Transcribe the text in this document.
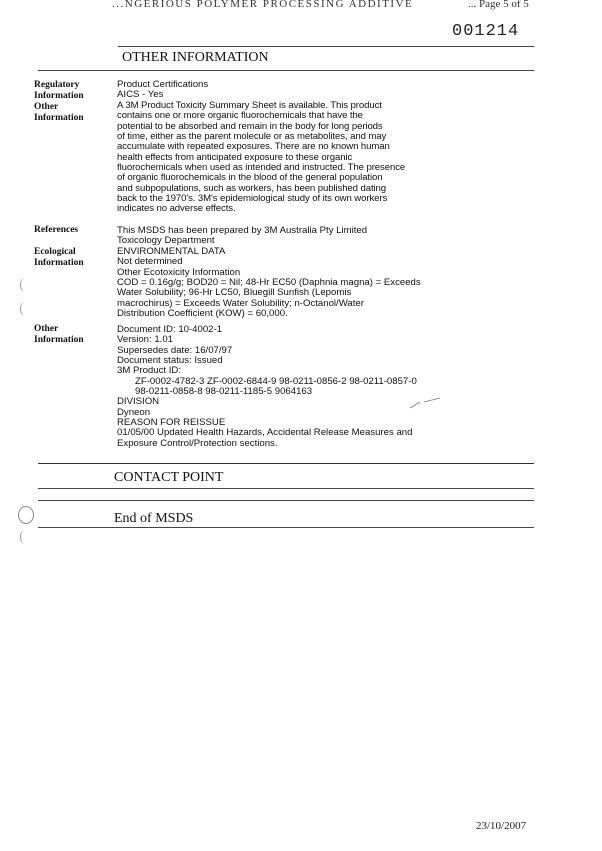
...NGERIOUS POLYMER PROCESSING ADDITIVE	... Page 5 of 5
001214
OTHER INFORMATION
Regulatory
Information
Other
Information
References
Ecological
Information
Other
Information
Product Certifications
AICS - Yes
A 3M Product Toxicity Summary Sheet is available. This product
contains one or more organic fluorochemicals that have the
potential to be absorbed and remain in the body for long periods
of time, either as the parent molecule or as metabolites, and may
accumulate with repeated exposures. There are no known human
health effects from anticipated exposure to these organic
fluorochemicals when used as intended and instructed. The presence
of organic fluorochemicals in the blood of the general population
and subpopulations, such as workers, has been published dating
back to the 1970's. 3M's epidemiological study of its own workers
indicates no adverse effects.
This MSDS has been prepared by 3M Australia Pty Limited
Toxicology Department
ENVIRONMENTAL DATA
Not determined
Other Ecotoxicity Information
COD = 0.16g/g; BOD20 = Nil; 48-Hr EC50 (Daphnia magna) = Exceeds
Water Solubility; 96-Hr LC50, Bluegill Sunfish (Lepomis
macrochirus) = Exceeds Water Solubility; n-Octanol/Water
Distribution Coefficient (KOW) = 60,000.
Document ID: 10-4002-1
Version: 1.01
Supersedes date: 16/07/97
Document status: Issued
3M Product ID:
ZF-0002-4782-3 ZF-0002-6844-9 98-0211-0856-2 98-0211-0857-0
98-0211-0858-8 98-0211-1185-5 9064163
DIVISION
Dyneon
REASON FOR REISSUE
01/05/00 Updated Health Hazards, Accidental Release Measures and
Exposure Control/Protection sections.
CONTACT POINT
End of MSDS
23/10/2007
